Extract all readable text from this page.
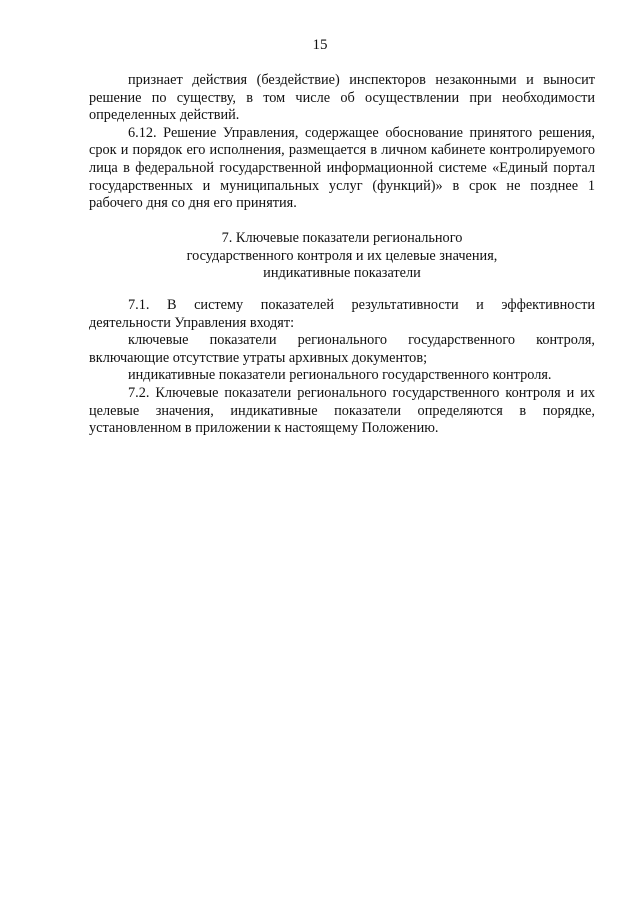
15

признает действия (бездействие) инспекторов незаконными и выносит решение по существу, в том числе об осуществлении при необходимости определенных действий.

6.12. Решение Управления, содержащее обоснование принятого решения, срок и порядок его исполнения, размещается в личном кабинете контролируемого лица в федеральной государственной информационной системе «Единый портал государственных и муниципальных услуг (функций)» в срок не позднее 1 рабочего дня со дня его принятия.

7. Ключевые показатели регионального
государственного контроля и их целевые значения,
индикативные показатели

7.1. В систему показателей результативности и эффективности деятельности Управления входят:

ключевые показатели регионального государственного контроля, включающие отсутствие утраты архивных документов;

индикативные показатели регионального государственного контроля.

7.2. Ключевые показатели регионального государственного контроля и их целевые значения, индикативные показатели определяются в порядке, установленном в приложении к настоящему Положению.
